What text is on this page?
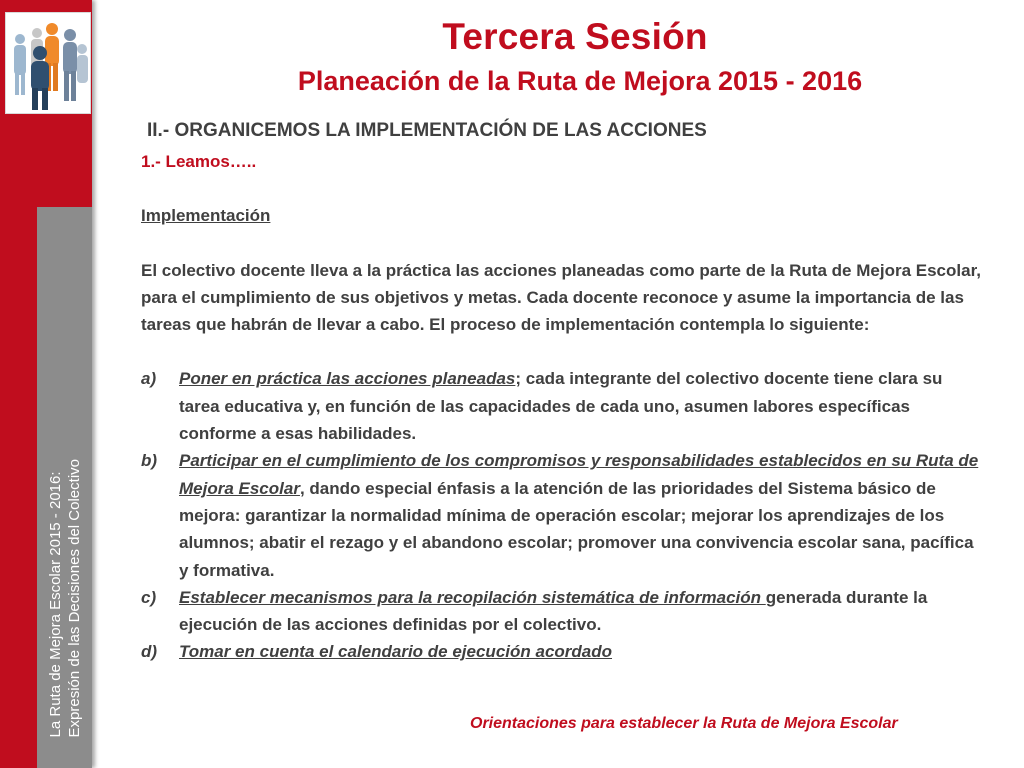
La Ruta de Mejora Escolar 2015 - 2016: Expresión de las Decisiones del Colectivo
Tercera Sesión
Planeación de la Ruta de Mejora 2015 - 2016
II.- ORGANICEMOS LA IMPLEMENTACIÓN DE LAS ACCIONES
1.- Leamos…..
Implementación
El colectivo docente lleva a la práctica las acciones planeadas como parte de la Ruta de Mejora Escolar, para el cumplimiento de sus objetivos y metas. Cada docente reconoce y asume la importancia de las tareas que habrán de llevar a cabo. El proceso de implementación contempla lo siguiente:
a)	Poner en práctica las acciones planeadas; cada integrante del colectivo docente tiene clara su tarea educativa y, en función de las capacidades de cada uno, asumen labores específicas conforme a esas habilidades.
b)	Participar en el cumplimiento de los compromisos y responsabilidades establecidos en su Ruta de Mejora Escolar, dando especial énfasis a la atención de las prioridades del Sistema básico de mejora: garantizar la normalidad mínima de operación escolar; mejorar los aprendizajes de los alumnos; abatir el rezago y el abandono escolar; promover una convivencia escolar sana, pacífica y formativa.
c)	Establecer mecanismos para la recopilación sistemática de información generada durante la ejecución de las acciones definidas por el colectivo.
d)	Tomar en cuenta el calendario de ejecución acordado
Orientaciones para establecer la Ruta de Mejora Escolar
